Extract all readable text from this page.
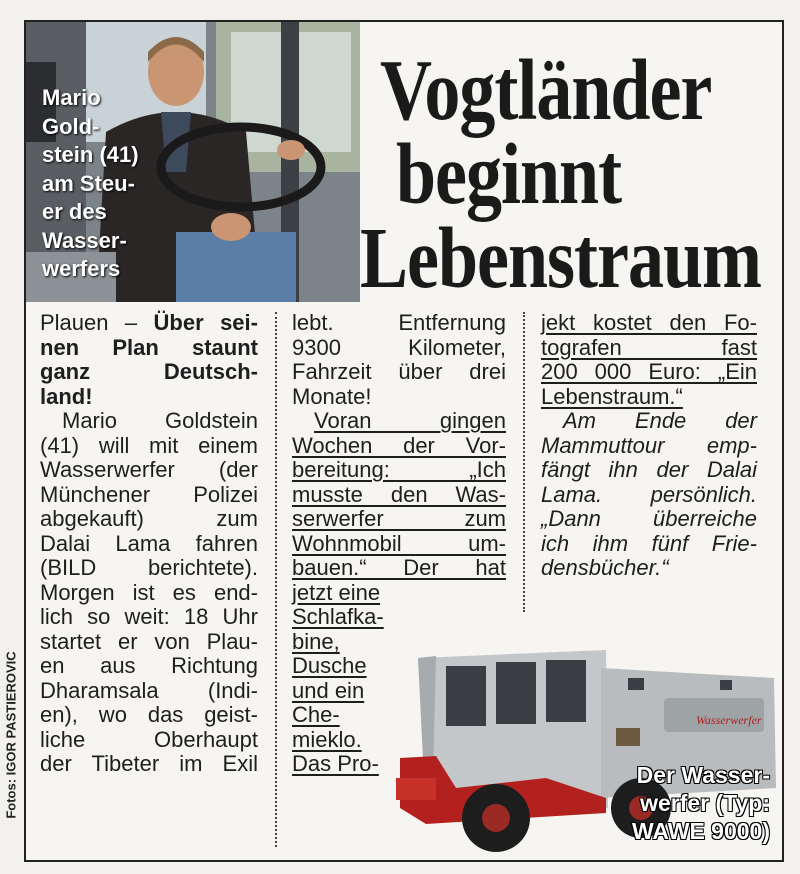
Fotos: IGOR PASTIEROVIC
Mario
Gold-
stein (41)
am Steu-
er des
Wasser-
werfers
Vogtländer
beginnt
Lebenstraum
Plauen – Über sei-
nen Plan staunt
ganz Deutsch-
land!
Mario Goldstein
(41) will mit einem
Wasserwerfer (der
Münchener Polizei
abgekauft) zum
Dalai Lama fahren
(BILD berichtete).
Morgen ist es end-
lich so weit: 18 Uhr
startet er von Plau-
en aus Richtung
Dharamsala (Indi-
en), wo das geist-
liche Oberhaupt
der Tibeter im Exil
lebt. Entfernung
9300 Kilometer,
Fahrzeit über drei
Monate!
Voran gingen
Wochen der Vor-
bereitung: „Ich
musste den Was-
serwerfer zum
Wohnmobil um-
bauen.“ Der hat
jetzt eine
Schlafka-
bine,
Dusche
und ein
Che-
mieklo.
Das Pro-
jekt kostet den Fo-
tografen fast
200 000 Euro: „Ein
Lebenstraum.“
Am Ende der
Mammuttour emp-
fängt ihn der Dalai
Lama. persönlich.
„Dann überreiche
ich ihm fünf Frie-
densbücher.“
Wasserwerfer
Der Wasser-
werfer (Typ:
WAWE 9000)
